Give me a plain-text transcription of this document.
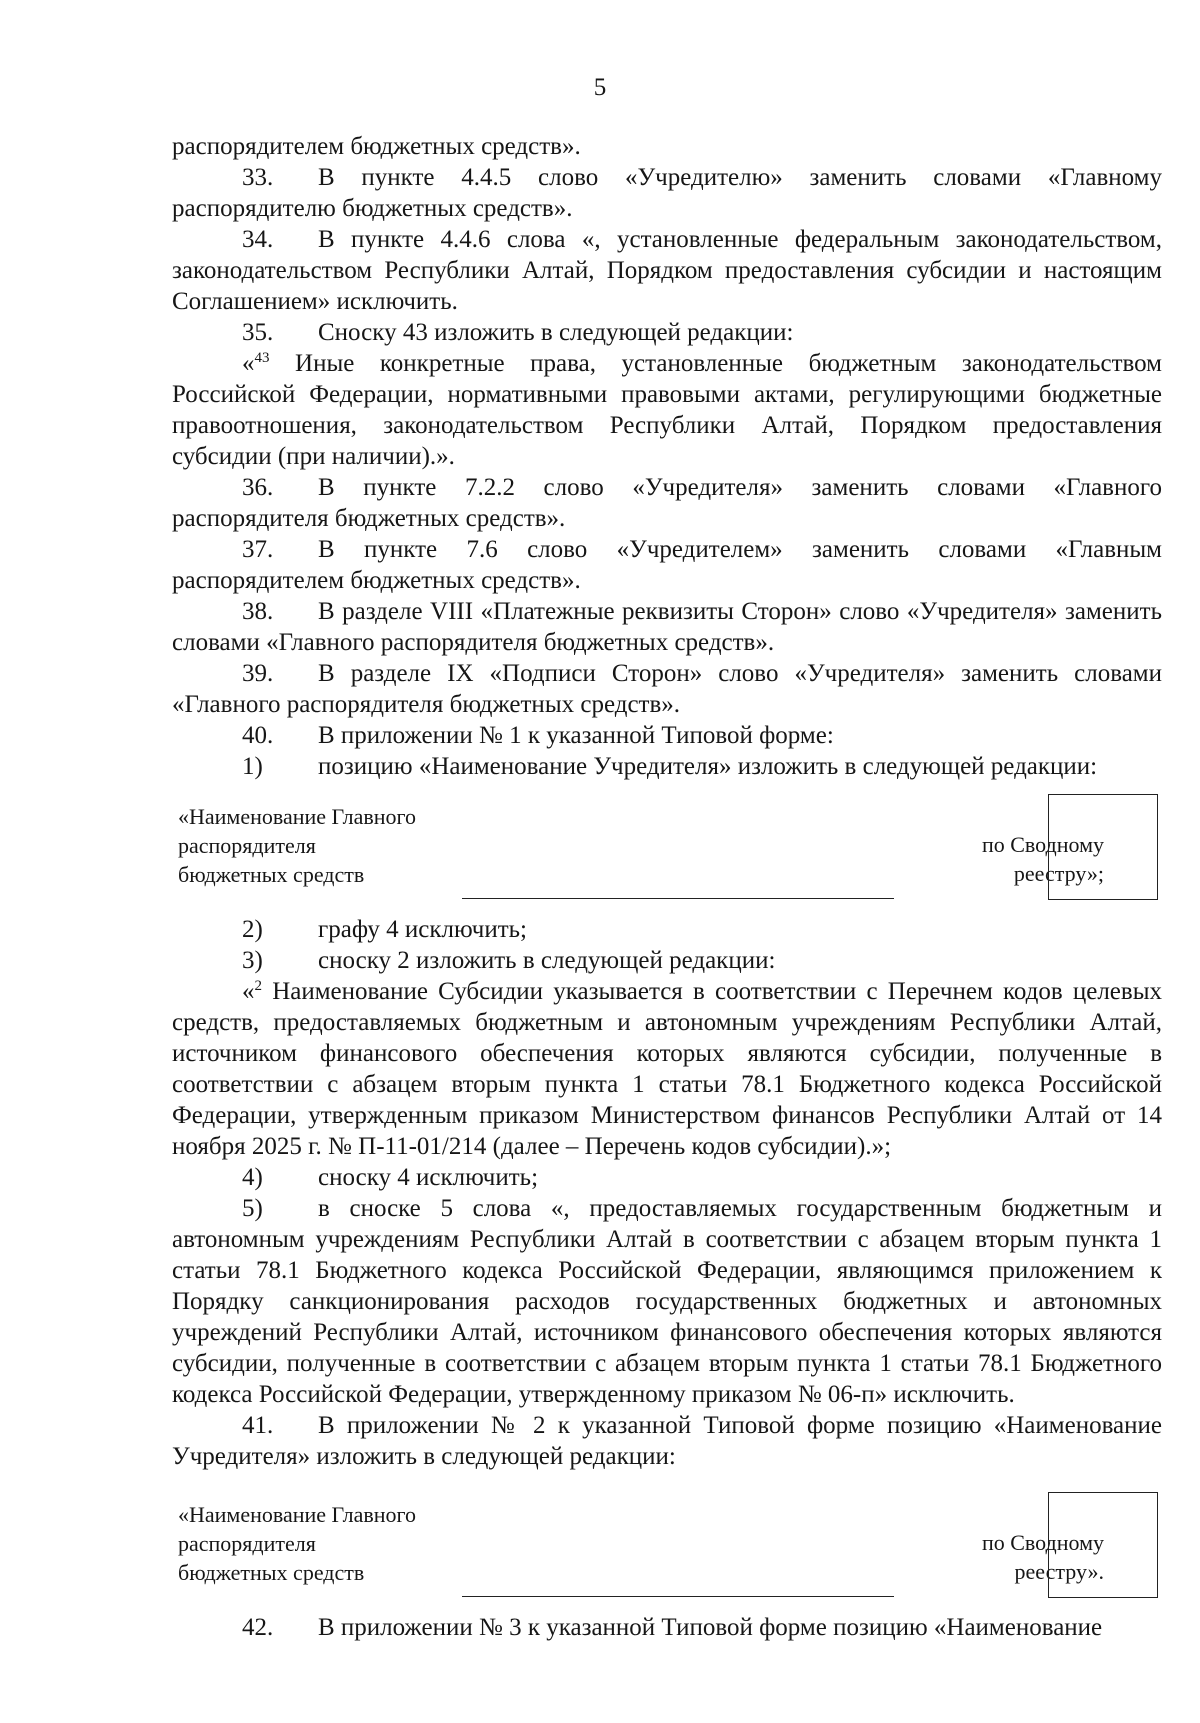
5
распорядителем бюджетных средств».
33. В пункте 4.4.5 слово «Учредителю» заменить словами «Главному распорядителю бюджетных средств».
34. В пункте 4.4.6 слова «, установленные федеральным законодательством, законодательством Республики Алтай, Порядком предоставления субсидии и настоящим Соглашением» исключить.
35. Сноску 43 изложить в следующей редакции:
«$^{43}$ Иные конкретные права, установленные бюджетным законодательством Российской Федерации, нормативными правовыми актами, регулирующими бюджетные правоотношения, законодательством Республики Алтай, Порядком предоставления субсидии (при наличии).».
36. В пункте 7.2.2 слово «Учредителя» заменить словами «Главного распорядителя бюджетных средств».
37. В пункте 7.6 слово «Учредителем» заменить словами «Главным распорядителем бюджетных средств».
38. В разделе VIII «Платежные реквизиты Сторон» слово «Учредителя» заменить словами «Главного распорядителя бюджетных средств».
39. В разделе IX «Подписи Сторон» слово «Учредителя» заменить словами «Главного распорядителя бюджетных средств».
40. В приложении № 1 к указанной Типовой форме:
1) позицию «Наименование Учредителя» изложить в следующей редакции:
«Наименование Главного
распорядителя
бюджетных средств
по Сводному
реестру»;
2) графу 4 исключить;
3) сноску 2 изложить в следующей редакции:
«$^2$ Наименование Субсидии указывается в соответствии с Перечнем кодов целевых средств, предоставляемых бюджетным и автономным учреждениям Республики Алтай, источником финансового обеспечения которых являются субсидии, полученные в соответствии с абзацем вторым пункта 1 статьи 78.1 Бюджетного кодекса Российской Федерации, утвержденным приказом Министерством финансов Республики Алтай от 14 ноября 2025 г. № П-11-01/214 (далее – Перечень кодов субсидии).»;
4) сноску 4 исключить;
5) в сноске 5 слова «, предоставляемых государственным бюджетным и автономным учреждениям Республики Алтай в соответствии с абзацем вторым пункта 1 статьи 78.1 Бюджетного кодекса Российской Федерации, являющимся приложением к Порядку санкционирования расходов государственных бюджетных и автономных учреждений Республики Алтай, источником финансового обеспечения которых являются субсидии, полученные в соответствии с абзацем вторым пункта 1 статьи 78.1 Бюджетного кодекса Российской Федерации, утвержденному приказом № 06-п» исключить.
41. В приложении № 2 к указанной Типовой форме позицию «Наименование Учредителя» изложить в следующей редакции:
«Наименование Главного
распорядителя
бюджетных средств
по Сводному
реестру».
42. В приложении № 3 к указанной Типовой форме позицию «Наименование
